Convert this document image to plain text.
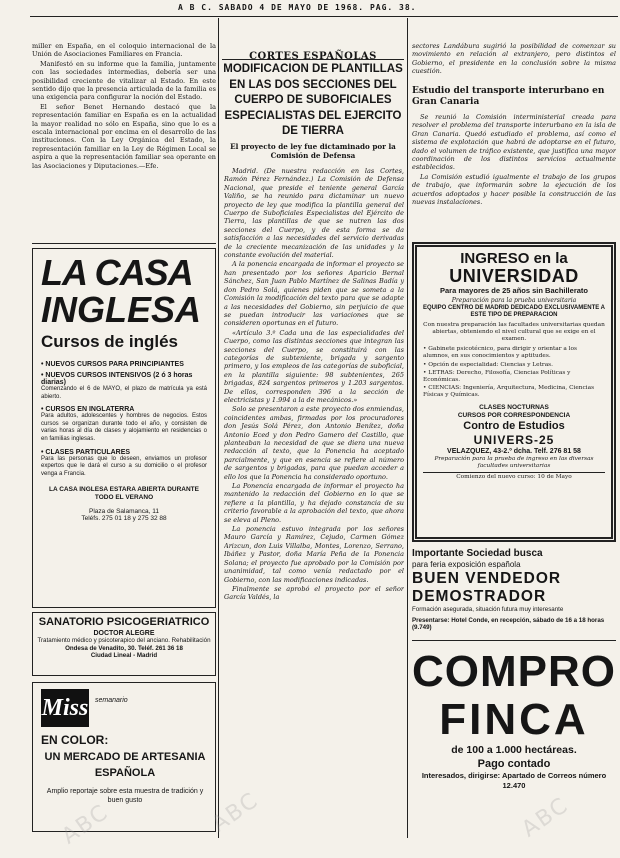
A B C. SABADO 4 DE MAYO DE 1968. PAG. 38.

miller en España, en el coloquio internacional de la Unión de Asociaciones Familiares en Francia.

Manifestó en su informe que la familia, juntamente con las sociedades intermedias, debería ser una posibilidad creciente de vitalizar al Estado. En este sentido dijo que la presencia articulada de la familia es una exigencia para configurar la noción del Estado.

El señor Benet Hernando destacó que la representación familiar en España es en la actualidad la mayor realidad no sólo en España, sino que lo es a escala internacional por encima en el desarrollo de las instituciones. Con la Ley Orgánica del Estado, la representación familiar en la Ley de Régimen Local se aspira a que la representación familiar sea operante en las Asociaciones y Diputaciones.—Efe.

LA CASA
INGLESA
Cursos de inglés
• NUEVOS CURSOS PARA PRINCIPIANTES
• NUEVOS CURSOS INTENSIVOS (2 ó 3 horas diarias)
Comenzando el 6 de MAYO, el plazo de matrícula ya está abierto.
• CURSOS EN INGLATERRA
Para adultos, adolescentes y hombres de negocios. Estos cursos se organizan durante todo el año, y consisten de varias horas al día de clases y alojamiento en residencias o en familias inglesas.
• CLASES PARTICULARES
Para las personas que lo deseen, enviamos un profesor expertos que le dará el curso a su domicilio o el profesor venga a Francia.
LA CASA INGLESA ESTARA ABIERTA DURANTE TODO EL VERANO
Plaza de Salamanca, 11
Teléfs. 275 01 18 y 275 32 88
SANATORIO PSICOGERIATRICO
DOCTOR ALEGRE
Tratamiento médico y psicoterapico del anciano. Rehabilitación
Ondesa de Venadito, 30. Teléf. 261 36 18
Ciudad Lineal - Madrid
Miss semanario
EN COLOR:
UN MERCADO DE ARTESANIA
ESPAÑOLA
Amplio reportaje sobre esta muestra de tradición y buen gusto
CORTES ESPAÑOLAS
MODIFICACION DE PLANTILLAS EN LAS DOS SECCIONES DEL CUERPO DE SUBOFICIALES ESPECIALISTAS DEL EJERCITO DE TIERRA
El proyecto de ley fue dictaminado por la Comisión de Defensa

Madrid. (De nuestra redacción en las Cortes, Ramón Pérez Fernández.) La Comisión de Defensa Nacional, que preside el teniente general García Valiño, se ha reunido para dictaminar un nuevo proyecto de ley que modifica la plantilla general del Cuerpo de Suboficiales Especialistas del Ejército de Tierra, las plantillas de que se nutren las dos secciones del Cuerpo, y de esta forma se da satisfacción a las necesidades del servicio derivadas de la creciente mecanización de las unidades y la constante evolución del material.

A la ponencia encargada de informar el proyecto se han presentado por los señores Aparicio Bernal Sánchez, San Juan Pablo Martínez de Salinas Badía y don Pedro Solá, quienes piden que se someta a la Comisión la modificación del texto para que se adapte a las necesidades del Gobierno, sin perjuicio de que se puedan introducir las variaciones que se consideren oportunas en el futuro.

«Artículo 3.º Cada una de las especialidades del Cuerpo, como las distintas secciones que integran las secciones del Cuerpo, se constituirá con las categorías de subteniente, brigada y sargento primero, y los empleos de las categorías de suboficial, en la plantilla siguiente: 98 subtenientes, 265 brigadas, 824 sargentos primeros y 1.203 sargentos. De ellos, corresponden 396 a la sección de electricistas y 1.994 a la de mecánicos.»

Solo se presentaron a este proyecto dos enmiendas, coincidentes ambas, firmadas por los procuradores don Jesús Solá Pérez, don Antonio Benítez, doña Antonio Eced y don Pedro Gamero del Castillo, que planteaban la necesidad de que se diera una nueva redacción al texto, que la Ponencia ha aceptado parcialmente, y que en esencia se refiere al número de sargentos y brigadas, para que puedan acceder a ello los que la Ponencia ha considerado oportuno.

La Ponencia encargada de informar el proyecto ha mantenido la redacción del Gobierno en lo que se refiere a la plantilla, y ha dejado constancia de su criterio favorable a la aprobación del texto, que ahora se eleva al Pleno.

La ponencia estuvo integrada por los señores Mauro García y Ramírez, Cejudo, Carmen Gómez Arizcun, don Luis Villalba, Montes, Lorenzo, Serrano, Ibáñez y Pastor, doña María Peña de la Ponencia Solana; el proyecto fue aprobado por la Comisión por unanimidad, tal como venía redactado por el Gobierno, con las modificaciones indicadas.

Finalmente se aprobó el proyecto por el señor García Valdés, la

sectores Landábura sugirió la posibilidad de comenzar su movimiento en relación al extranjero, pero distintos el Gobierno, el presidente en la conclusión sobre la misma cuestión.

Estudio del transporte interurbano en Gran Canaria

Se reunió la Comisión interministerial creada para resolver el problema del transporte interurbano en la isla de Gran Canaria. Quedó estudiado el problema, así como el sistema de explotación que habrá de adoptarse en el futuro, dado el volumen de tráfico existente, que justifica una mayor coordinación de los distintos servicios actualmente establecidos.

La Comisión estudió igualmente el trabajo de los grupos de trabajo, que informarán sobre la ejecución de los acuerdos adoptados y hacer posible la construcción de las nuevas instalaciones.

INGRESO en la
UNIVERSIDAD
Para mayores de 25 años sin Bachillerato
Preparación para la prueba universitaria
EQUIPO CENTRO DE MADRID DEDICADO EXCLUSIVAMENTE A ESTE TIPO DE PREPARACION
Con nuestra preparación las facultades universitarias quedan abiertas, obteniendo el nivel cultural que se exige en el examen.
• Gabinete psicotécnico, para dirigir y orientar a los alumnos, en sus conocimientos y aptitudes.
• Opción de especialidad: Ciencias y Letras.
• LETRAS: Derecho, Filosofía, Ciencias Políticas y Económicas.
• CIENCIAS: Ingeniería, Arquitectura, Medicina, Ciencias Físicas y Químicas.
CLASES NOCTURNAS
CURSOS POR CORRESPONDENCIA
Contro de Estudios
UNIVERS-25
VELAZQUEZ, 43-2.º dcha. Telf. 276 81 58
Preparación para la prueba de ingreso en las diversas facultades universitarias
Comienzo del nuevo curso: 10 de Mayo
Importante Sociedad busca
para feria exposición española
BUEN VENDEDOR
DEMOSTRADOR
Formación asegurada, situación futura muy interesante
Presentarse: Hotel Conde, en recepción, sábado de 16 a 18 horas (9.749)
COMPRO
FINCA
de 100 a 1.000 hectáreas.
Pago contado
Interesados, dirigirse: Apartado de Correos número 12.470
ABC	ABC
ABC
